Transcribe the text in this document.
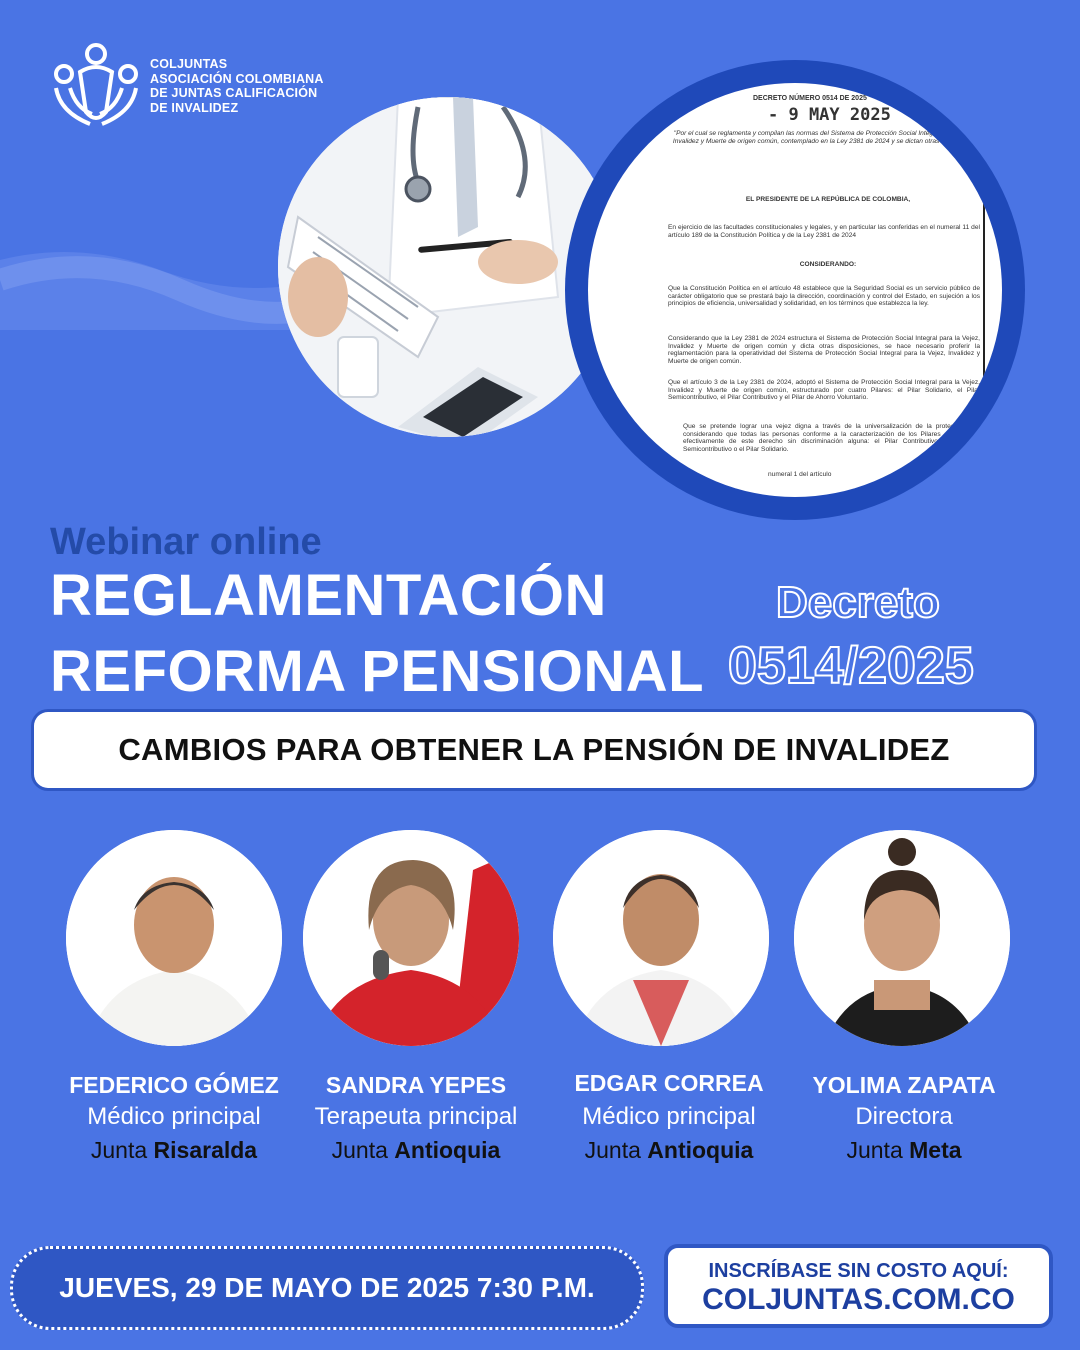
COLJUNTAS
ASOCIACIÓN COLOMBIANA
DE JUNTAS CALIFICACIÓN
DE INVALIDEZ
DECRETO NÚMERO 0514 DE 2025
- 9 MAY 2025
"Por el cual se reglamenta y compilan las normas del Sistema de Protección Social Integral para la Vejez, Invalidez y Muerte de origen común, contemplado en la Ley 2381 de 2024 y se dictan otras disposiciones"
EL PRESIDENTE DE LA REPÚBLICA DE COLOMBIA,
En ejercicio de las facultades constitucionales y legales, y en particular las conferidas en el numeral 11 del artículo 189 de la Constitución Política y de la Ley 2381 de 2024
CONSIDERANDO:
Que la Constitución Política en el artículo 48 establece que la Seguridad Social es un servicio público de carácter obligatorio que se prestará bajo la dirección, coordinación y control del Estado, en sujeción a los principios de eficiencia, universalidad y solidaridad, en los términos que establezca la ley.
Considerando que la Ley 2381 de 2024 estructura el Sistema de Protección Social Integral para la Vejez, Invalidez y Muerte de origen común y dicta otras disposiciones, se hace necesario proferir la reglamentación para la operatividad del Sistema de Protección Social Integral para la Vejez, Invalidez y Muerte de origen común.
Que el artículo 3 de la Ley 2381 de 2024, adoptó el Sistema de Protección Social Integral para la Vejez, Invalidez y Muerte de origen común, estructurado por cuatro Pilares: el Pilar Solidario, el Pilar Semicontributivo, el Pilar Contributivo y el Pilar de Ahorro Voluntario.
Que se pretende lograr una vejez digna a través de la universalización de la protección, considerando que todas las personas conforme a la caracterización de los Pilares gozarán efectivamente de este derecho sin discriminación alguna: el Pilar Contributivo, el Pilar Semicontributivo o el Pilar Solidario.
numeral 1 del artículo
Webinar online
REGLAMENTACIÓN
REFORMA PENSIONAL
Decreto
0514/2025
CAMBIOS PARA OBTENER LA PENSIÓN DE INVALIDEZ
FEDERICO GÓMEZ
Médico principal
Junta Risaralda
SANDRA YEPES
Terapeuta principal
Junta Antioquia
EDGAR CORREA
Médico principal
Junta Antioquia
YOLIMA ZAPATA
Directora
Junta Meta
JUEVES, 29 DE MAYO DE 2025 7:30 P.M.
INSCRÍBASE SIN COSTO AQUÍ:
COLJUNTAS.COM.CO
